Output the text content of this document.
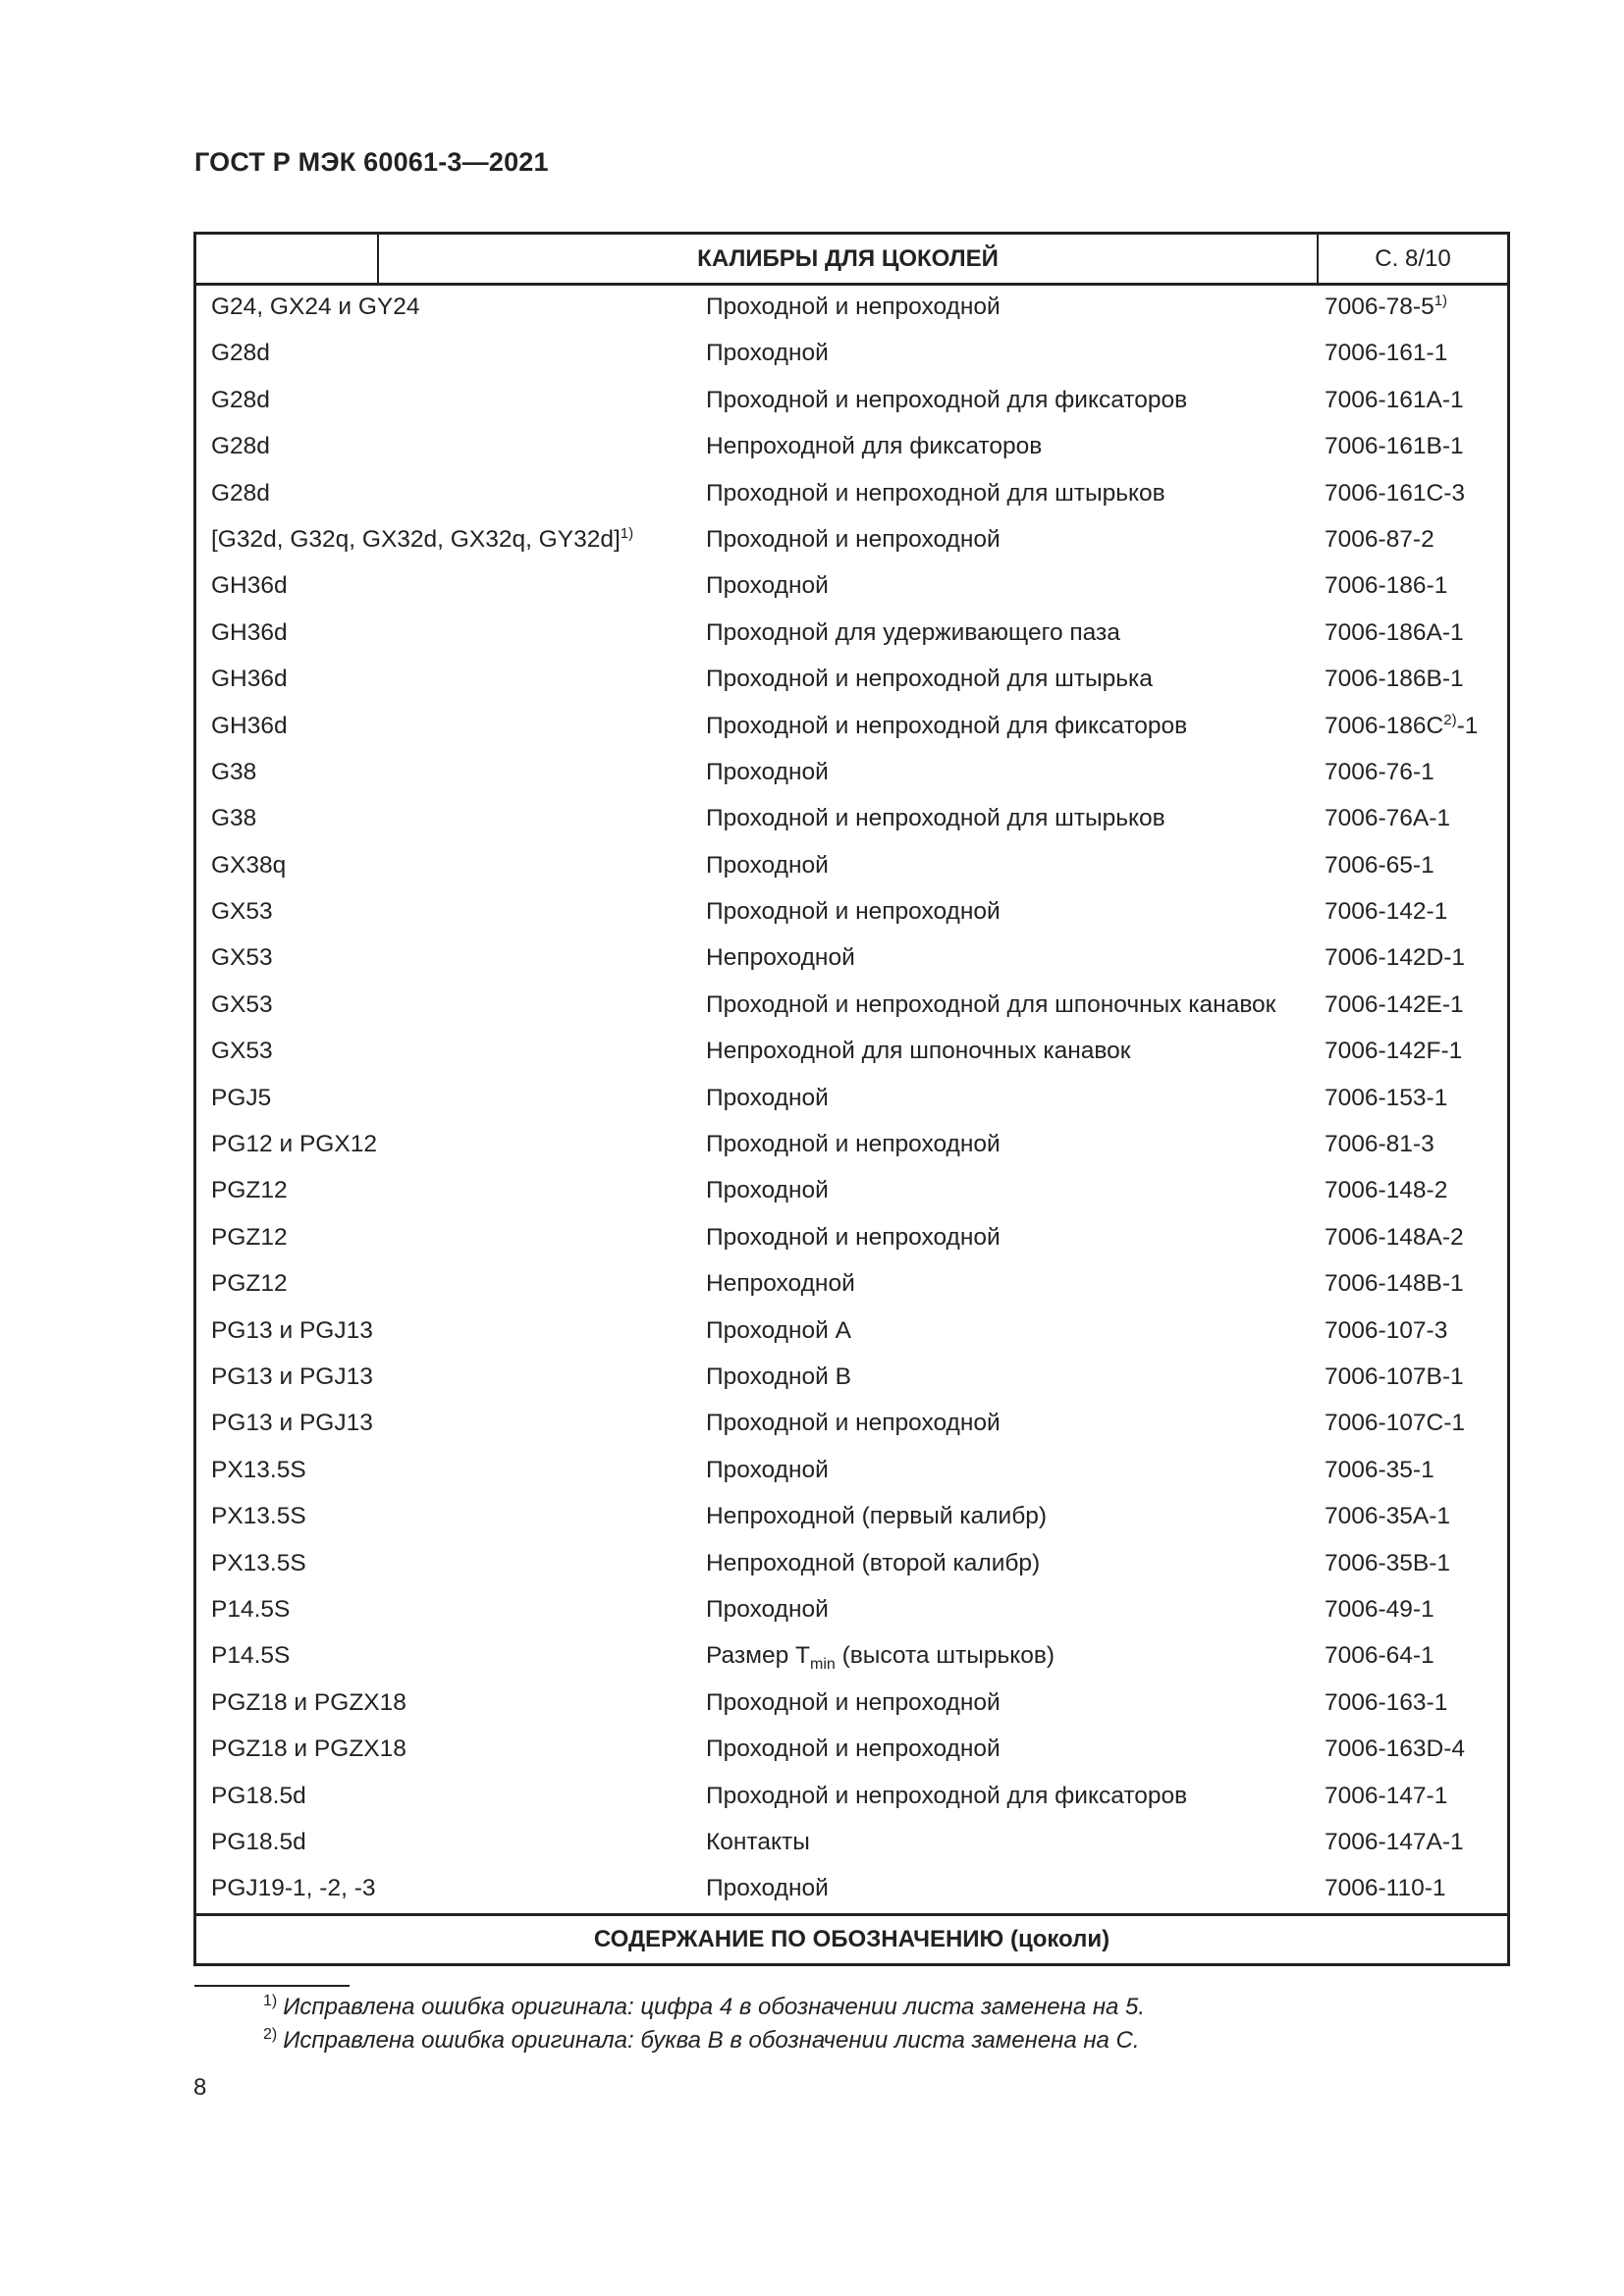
ГОСТ Р МЭК 60061-3—2021
КАЛИБРЫ ДЛЯ ЦОКОЛЕЙ	С. 8/10
G24, GX24 и GY24	Проходной и непроходной	7006-78-5$^{1)}$
G28d	Проходной	7006-161-1
G28d	Проходной и непроходной для фиксаторов	7006-161A-1
G28d	Непроходной для фиксаторов	7006-161B-1
G28d	Проходной и непроходной для штырьков	7006-161C-3
[G32d, G32q, GX32d, GX32q, GY32d]$^{1)}$	Проходной и непроходной	7006-87-2
GH36d	Проходной	7006-186-1
GH36d	Проходной для удерживающего паза	7006-186A-1
GH36d	Проходной и непроходной для штырька	7006-186B-1
GH36d	Проходной и непроходной для фиксаторов	$7006-186C^{2)}-1$
G38	Проходной	7006-76-1
G38	Проходной и непроходной для штырьков	7006-76A-1
GX38q	Проходной	7006-65-1
GX53	Проходной и непроходной	7006-142-1
GX53	Непроходной	7006-142D-1
GX53	Проходной и непроходной для шпоночных канавок 7006-142E-1
GX53	Непроходной для шпоночных канавок	7006-142F-1
PGJ5	Проходной	7006-153-1
PG12 и PGX12	Проходной и непроходной	7006-81-3
PGZ12	Проходной	7006-148-2
PGZ12	Проходной и непроходной	7006-148A-2
PGZ12	Непроходной	7006-148B-1
PG13 и PGJ13	Проходной A	7006-107-3
PG13 и PGJ13	Проходной B	7006-107B-1
PG13 и PGJ13	Проходной и непроходной	7006-107C-1
PX13.5S	Проходной	7006-35-1
PX13.5S	Непроходной (первый калибр)	7006-35A-1
PX13.5S	Непроходной (второй калибр)	7006-35B-1
P14.5S	Проходной	7006-49-1
P14.5S	Размер $T_{min}$ (высота штырьков)	7006-64-1
PGZ18 и PGZX18	Проходной и непроходной	7006-163-1
PGZ18 и PGZX18	Проходной и непроходной	7006-163D-4
PG18.5d	Проходной и непроходной для фиксаторов	7006-147-1
PG18.5d	Контакты	7006-147A-1
PGJ19-1, -2, -3	Проходной	7006-110-1
СОДЕРЖАНИЕ ПО ОБОЗНАЧЕНИЮ (цоколи)
$^{1)}$ Исправлена ошибка оригинала: цифра 4 в обозначении листа заменена на 5.
$^{2)}$ Исправлена ошибка оригинала: буква B в обозначении листа заменена на C.
8
